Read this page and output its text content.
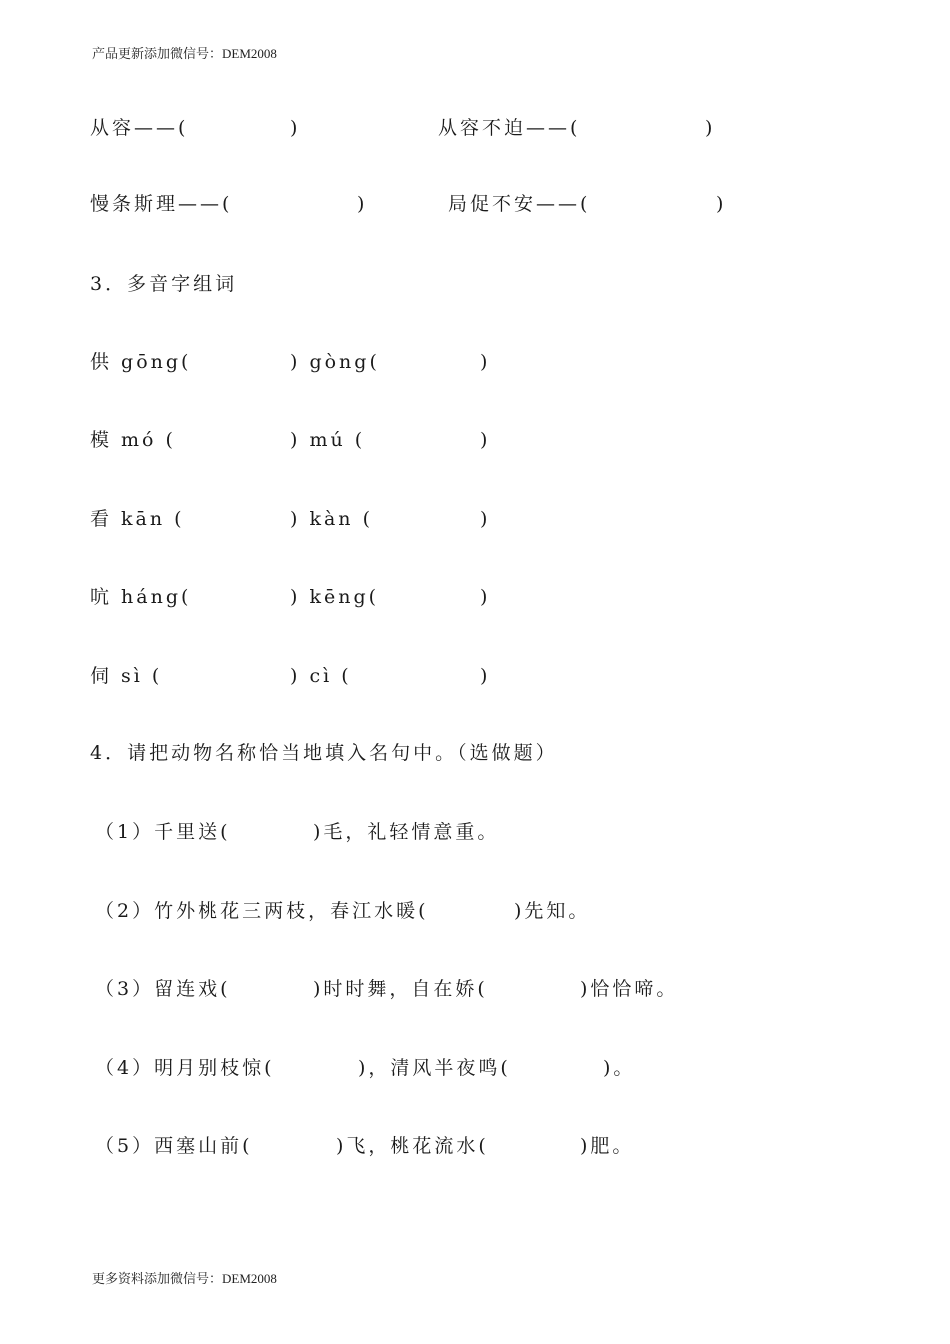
产品更新添加微信号：DEM2008
从容——(	)	从容不迫——(	)
慢条斯理——(	)	局促不安——(	)
3．多音字组词
供 gōng(	) gòng(	)
模 mó (	) mú (	)
看 kān (	) kàn (	)
吭 háng(	) kēng(	)
伺 sì (	) cì (	)
4．请把动物名称恰当地填入名句中。（选做题）
（1）千里送(	)毛，礼轻情意重。
（2）竹外桃花三两枝，春江水暖(	)先知。
（3）留连戏(	)时时舞，自在娇(	)恰恰啼。
（4）明月别枝惊(	)，清风半夜鸣(	)。
（5）西塞山前(	)飞，桃花流水(	)肥。
更多资料添加微信号：DEM2008
